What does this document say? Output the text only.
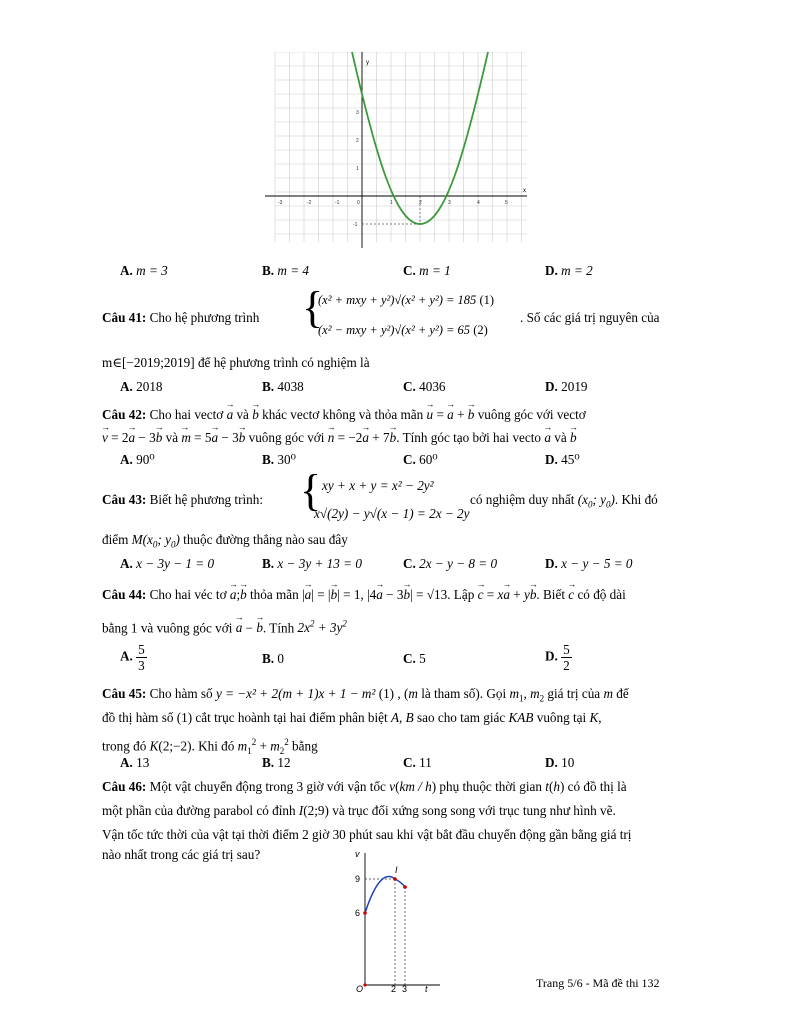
x
y
-3	-2	-1	0	1	2	3	4	5
3
2
1
-1
A. m = 3	B. m = 4	C. m = 1	D. m = 2
Câu 41: Cho hệ phương trình {
(x² + mxy + y²)√(x² + y²) = 185 (1)
(x² − mxy + y²)√(x² + y²) = 65 (2)
. Số các giá trị nguyên của
m∈[−2019;2019] để hệ phương trình có nghiệm là
A. 2018	B. 4038	C. 4036	D. 2019
Câu 42: Cho hai vectơ → a và → b khác vectơ không và thỏa mãn → u = → a + → b vuông góc với vectơ
→ v = 2→ a − 3→ b và → m = 5→ a − 3→ b vuông góc với → n = −2→ a + 7→ b. Tính góc tạo bởi hai vecto → a và → b
A. 90⁰	B. 30⁰	C. 60⁰	D. 45⁰
Câu 43: Biết hệ phương trình: { xy + x + y = x² − 2y²
x√(2y) − y√(x − 1) = 2x − 2y
có nghiệm duy nhất ($x_0$; $y_0$). Khi đó
điểm $M(x_0$; $y_0$) thuộc đường thẳng nào sau đây
A. x − 3y − 1 = 0	B. x − 3y + 13 = 0	C. 2x − y − 8 = 0	D. x − y − 5 = 0
Câu 44: Cho hai véc tơ → a;→ b thỏa mãn |→ a| = |→ b| = 1, |4→ a − 3→ b| = √13. Lập → c = x→ a + y→ b. Biết → c có độ dài
bằng 1 và vuông góc với → a − → b. Tính $2x^2 + 3y^2$
A. $\frac{5}{3}$	B. 0	C. 5	D. $\frac{5}{2}$
Câu 45: Cho hàm số y = −x² + 2(m + 1)x + 1 − m² (1) , (m là tham số). Gọi $m_1$, $m_2$ giá trị của m để
đồ thị hàm số (1) cắt trục hoành tại hai điểm phân biệt A, B sao cho tam giác KAB vuông tại K,
trong đó K(2;−2). Khi đó $m_1^2 + m_2^2$ bằng
A. 13	B. 12	C. 11	D. 10
Câu 46: Một vật chuyển động trong 3 giờ với vận tốc v(km / h) phụ thuộc thời gian t(h) có đồ thị là
một phần của đường parabol có đỉnh I(2;9) và trục đối xứng song song với trục tung như hình vẽ.
Vận tốc tức thời của vật tại thời điểm 2 giờ 30 phút sau khi vật bắt đầu chuyển động gần bằng giá trị
nào nhất trong các giá trị sau?	v
t
O
I
9
6
2 3	Trang 5/6 - Mã đề thi 132
